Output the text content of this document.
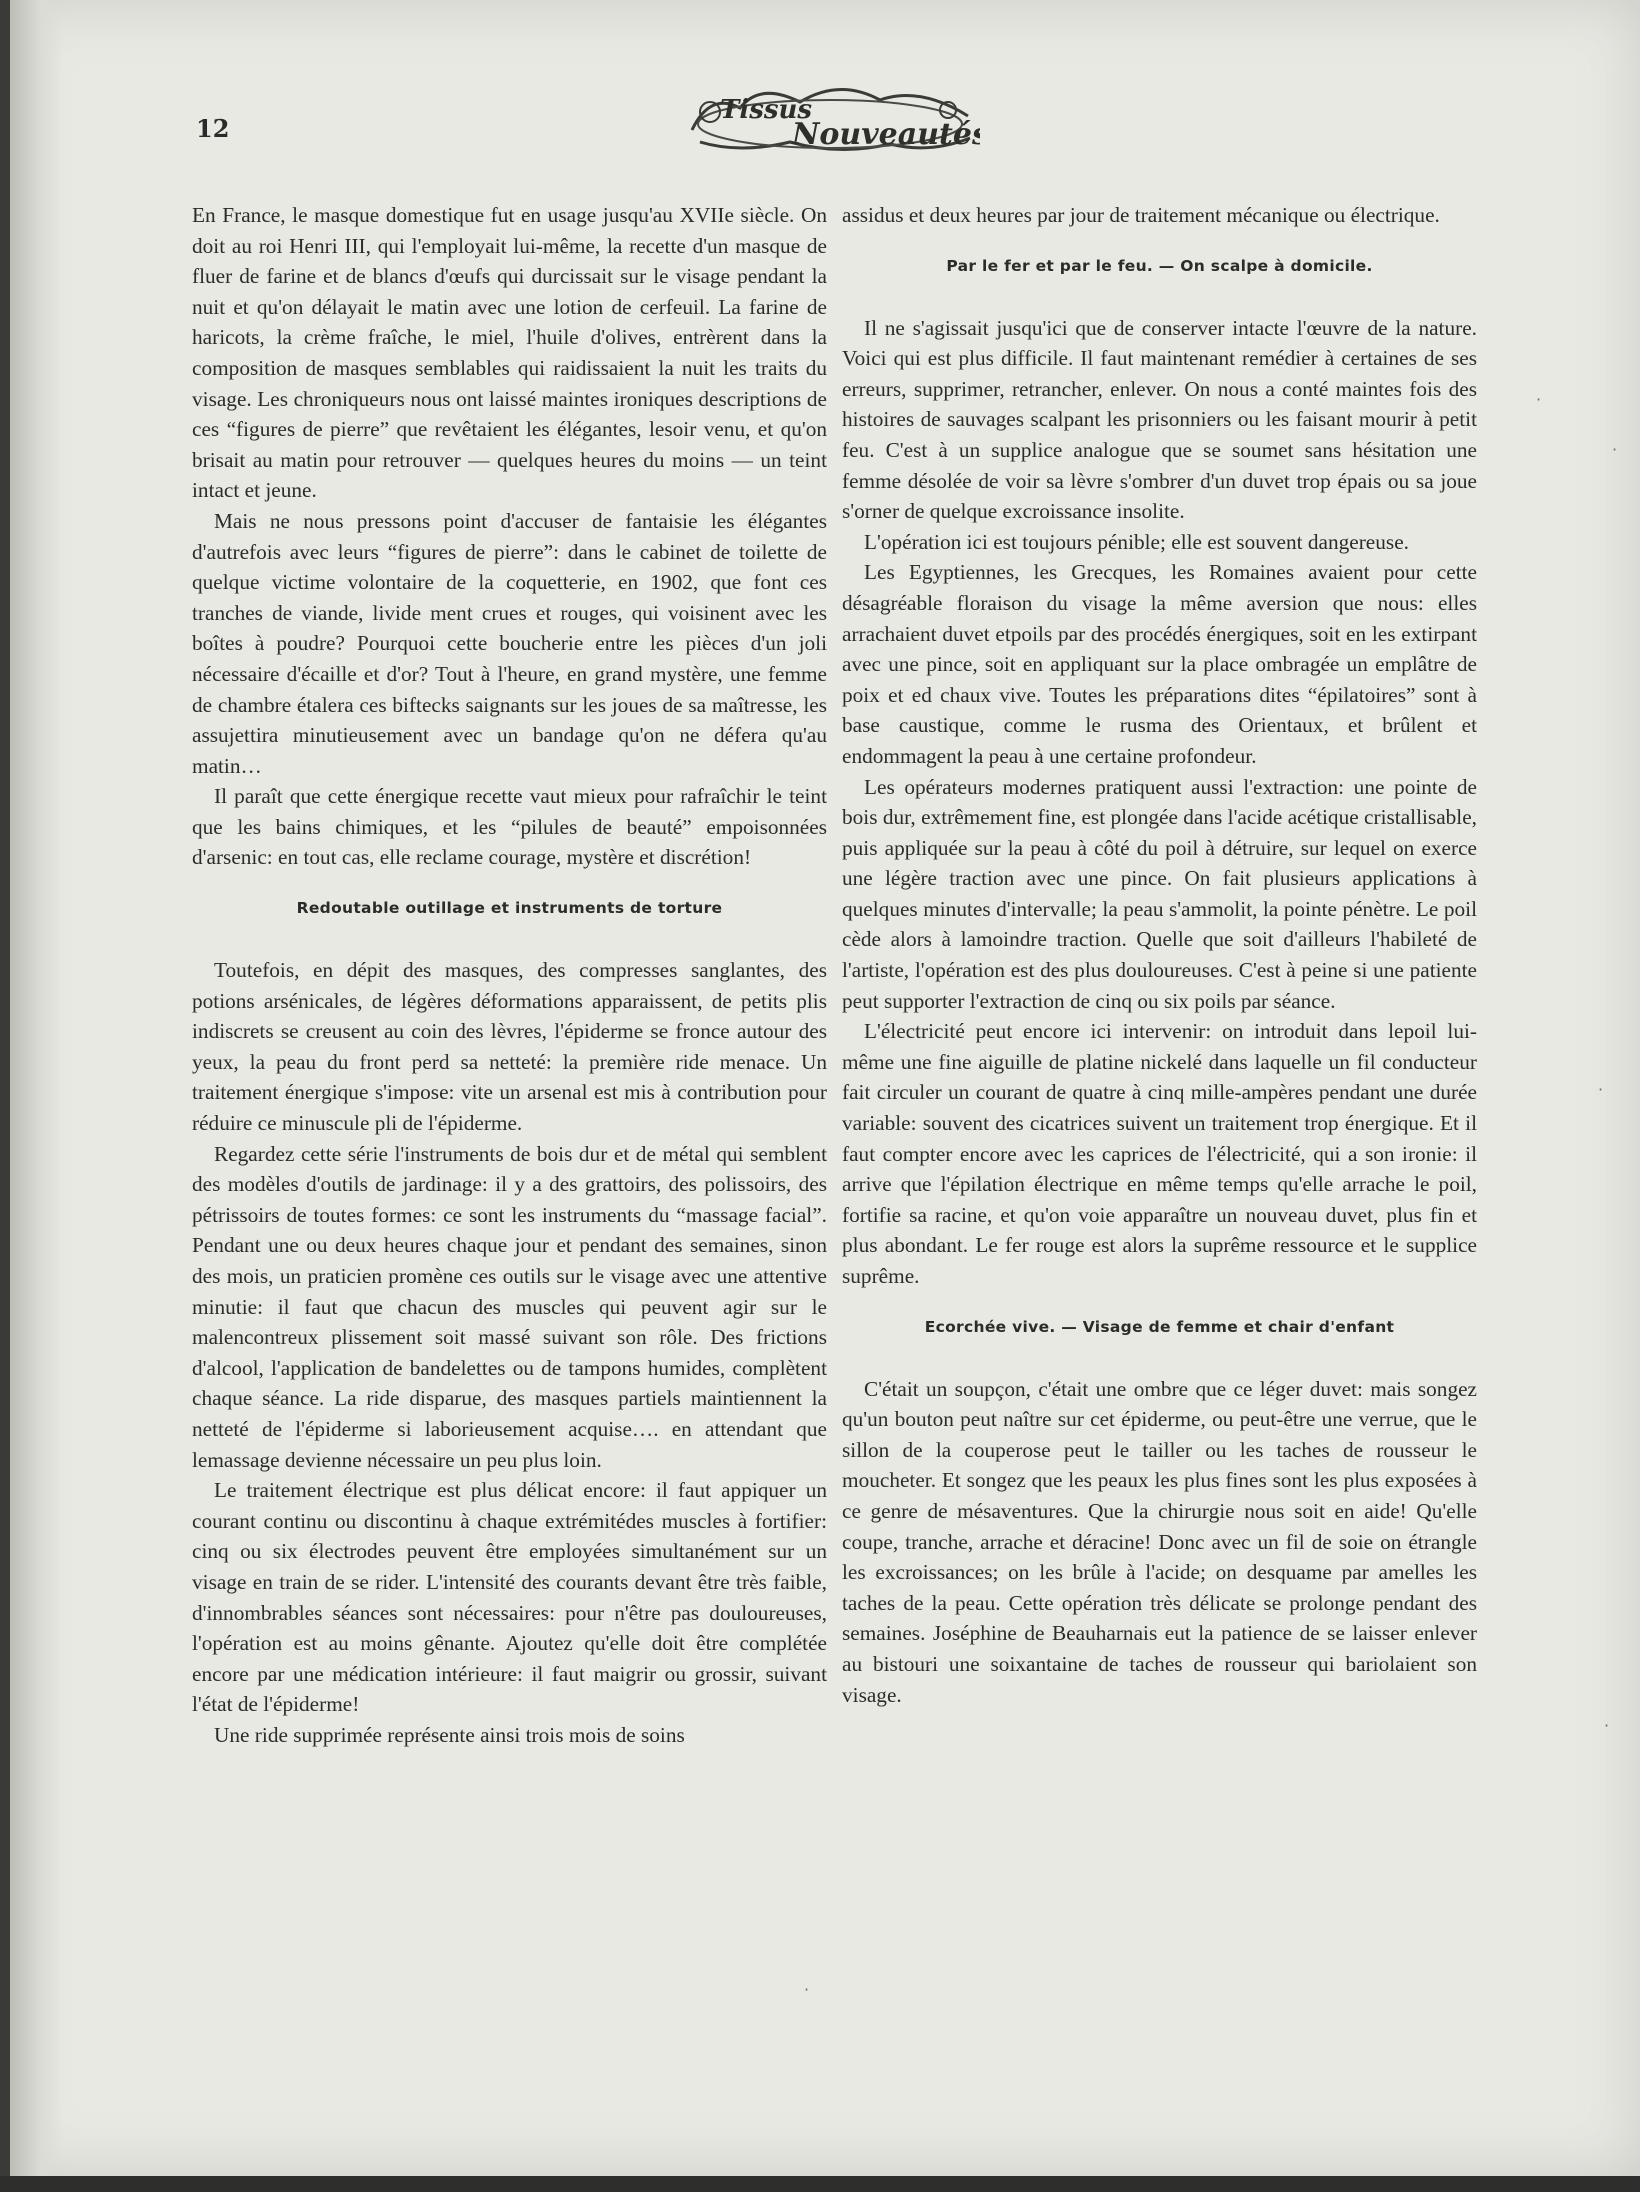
12
Tissus
Nouveautés

En France, le masque domestique fut en usage jusqu'au XVIIe siècle. On doit au roi Henri III, qui l'employait lui-même, la recette d'un masque de fluer de farine et de blancs d'œufs qui durcissait sur le visage pendant la nuit et qu'on délayait le matin avec une lotion de cerfeuil. La farine de haricots, la crème fraîche, le miel, l'huile d'olives, entrèrent dans la composition de masques semblables qui raidissaient la nuit les traits du visage. Les chroniqueurs nous ont laissé maintes ironiques descriptions de ces “figures de pierre” que revêtaient les élégantes, lesoir venu, et qu'on brisait au matin pour retrouver — quelques heures du moins — un teint intact et jeune.

Mais ne nous pressons point d'accuser de fantaisie les élégantes d'autrefois avec leurs “figures de pierre”: dans le cabinet de toilette de quelque victime volontaire de la coquetterie, en 1902, que font ces tranches de viande, livide ment crues et rouges, qui voisinent avec les boîtes à poudre? Pourquoi cette boucherie entre les pièces d'un joli nécessaire d'écaille et d'or? Tout à l'heure, en grand mystère, une femme de chambre étalera ces biftecks saignants sur les joues de sa maîtresse, les assujettira minutieusement avec un bandage qu'on ne défera qu'au matin…

Il paraît que cette énergique recette vaut mieux pour rafraîchir le teint que les bains chimiques, et les “pilules de beauté” empoisonnées d'arsenic: en tout cas, elle reclame courage, mystère et discrétion!

Redoutable outillage et instruments de torture

Toutefois, en dépit des masques, des compresses sanglantes, des potions arsénicales, de légères déformations apparaissent, de petits plis indiscrets se creusent au coin des lèvres, l'épiderme se fronce autour des yeux, la peau du front perd sa netteté: la première ride menace. Un traitement énergique s'impose: vite un arsenal est mis à contribution pour réduire ce minuscule pli de l'épiderme.

Regardez cette série l'instruments de bois dur et de métal qui semblent des modèles d'outils de jardinage: il y a des grattoirs, des polissoirs, des pétrissoirs de toutes formes: ce sont les instruments du “massage facial”. Pendant une ou deux heures chaque jour et pendant des semaines, sinon des mois, un praticien promène ces outils sur le visage avec une attentive minutie: il faut que chacun des muscles qui peuvent agir sur le malencontreux plissement soit massé suivant son rôle. Des frictions d'alcool, l'application de bandelettes ou de tampons humides, complètent chaque séance. La ride disparue, des masques partiels maintiennent la netteté de l'épiderme si laborieusement acquise…. en attendant que lemassage devienne nécessaire un peu plus loin.

Le traitement électrique est plus délicat encore: il faut appiquer un courant continu ou discontinu à chaque extrémitédes muscles à fortifier: cinq ou six électrodes peuvent être employées simultanément sur un visage en train de se rider. L'intensité des courants devant être très faible, d'innombrables séances sont nécessaires: pour n'être pas douloureuses, l'opération est au moins gênante. Ajoutez qu'elle doit être complétée encore par une médication intérieure: il faut maigrir ou grossir, suivant l'état de l'épiderme!

Une ride supprimée représente ainsi trois mois de soins

assidus et deux heures par jour de traitement mécanique ou électrique.

Par le fer et par le feu. — On scalpe à domicile.

Il ne s'agissait jusqu'ici que de conserver intacte l'œuvre de la nature. Voici qui est plus difficile. Il faut maintenant remédier à certaines de ses erreurs, supprimer, retrancher, enlever. On nous a conté maintes fois des histoires de sauvages scalpant les prisonniers ou les faisant mourir à petit feu. C'est à un supplice analogue que se soumet sans hésitation une femme désolée de voir sa lèvre s'ombrer d'un duvet trop épais ou sa joue s'orner de quelque excroissance insolite.

L'opération ici est toujours pénible; elle est souvent dangereuse.

Les Egyptiennes, les Grecques, les Romaines avaient pour cette désagréable floraison du visage la même aversion que nous: elles arrachaient duvet etpoils par des procédés énergiques, soit en les extirpant avec une pince, soit en appliquant sur la place ombragée un emplâtre de poix et ed chaux vive. Toutes les préparations dites “épilatoires” sont à base caustique, comme le rusma des Orientaux, et brûlent et endommagent la peau à une certaine profondeur.

Les opérateurs modernes pratiquent aussi l'extraction: une pointe de bois dur, extrêmement fine, est plongée dans l'acide acétique cristallisable, puis appliquée sur la peau à côté du poil à détruire, sur lequel on exerce une légère traction avec une pince. On fait plusieurs applications à quelques minutes d'intervalle; la peau s'ammolit, la pointe pénètre. Le poil cède alors à lamoindre traction. Quelle que soit d'ailleurs l'habileté de l'artiste, l'opération est des plus douloureuses. C'est à peine si une patiente peut supporter l'extraction de cinq ou six poils par séance.

L'électricité peut encore ici intervenir: on introduit dans lepoil lui-même une fine aiguille de platine nickelé dans laquelle un fil conducteur fait circuler un courant de quatre à cinq mille-ampères pendant une durée variable: souvent des cicatrices suivent un traitement trop énergique. Et il faut compter encore avec les caprices de l'électricité, qui a son ironie: il arrive que l'épilation électrique en même temps qu'elle arrache le poil, fortifie sa racine, et qu'on voie apparaître un nouveau duvet, plus fin et plus abondant. Le fer rouge est alors la suprême ressource et le supplice suprême.

Ecorchée vive. — Visage de femme et chair d'enfant

C'était un soupçon, c'était une ombre que ce léger duvet: mais songez qu'un bouton peut naître sur cet épiderme, ou peut-être une verrue, que le sillon de la couperose peut le tailler ou les taches de rousseur le moucheter. Et songez que les peaux les plus fines sont les plus exposées à ce genre de mésaventures. Que la chirurgie nous soit en aide! Qu'elle coupe, tranche, arrache et déracine! Donc avec un fil de soie on étrangle les excroissances; on les brûle à l'acide; on desquame par amelles les taches de la peau. Cette opération très délicate se prolonge pendant des semaines. Joséphine de Beauharnais eut la patience de se laisser enlever au bistouri une soixantaine de taches de rousseur qui bariolaient son visage.

·
·
·
·
·
